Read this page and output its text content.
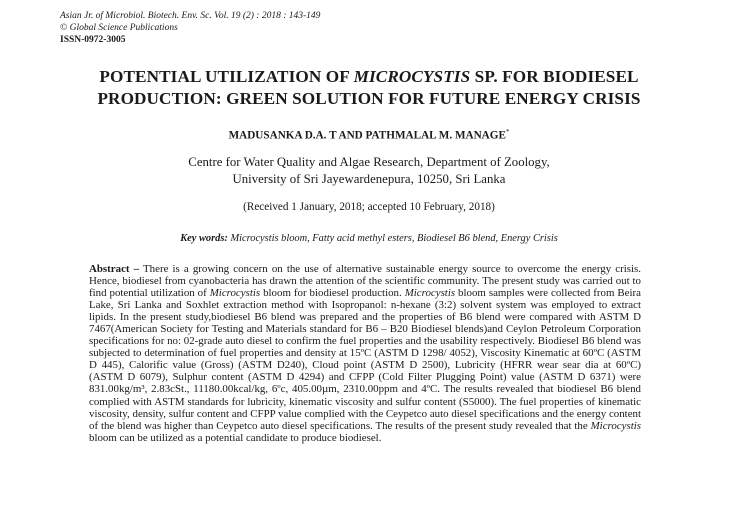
Asian Jr. of Microbiol. Biotech. Env. Sc. Vol. 19 (2) : 2018 : 143-149
© Global Science Publications
ISSN-0972-3005
POTENTIAL UTILIZATION OF MICROCYSTIS SP. FOR BIODIESEL
PRODUCTION: GREEN SOLUTION FOR FUTURE ENERGY CRISIS
MADUSANKA D.A. T AND PATHMALAL M. MANAGE*
Centre for Water Quality and Algae Research, Department of Zoology,
University of Sri Jayewardenepura, 10250, Sri Lanka
(Received 1 January, 2018; accepted 10 February, 2018)
Key words: Microcystis bloom, Fatty acid methyl esters, Biodiesel B6 blend, Energy Crisis
Abstract – There is a growing concern on the use of alternative sustainable energy source to overcome the energy crisis. Hence, biodiesel from cyanobacteria has drawn the attention of the scientific community. The present study was carried out to find potential utilization of Microcystis bloom for biodiesel production. Microcystis bloom samples were collected from Beira Lake, Sri Lanka and Soxhlet extraction method with Isopropanol: n-hexane (3:2) solvent system was employed to extract lipids. In the present study,biodiesel B6 blend was prepared and the properties of B6 blend were compared with ASTM D 7467(American Society for Testing and Materials standard for B6 – B20 Biodiesel blends)and Ceylon Petroleum Corporation specifications for no: 02-grade auto diesel to confirm the fuel properties and the usability respectively. Biodiesel B6 blend was subjected to determination of fuel properties and density at 15ºC (ASTM D 1298/ 4052), Viscosity Kinematic at 60ºC (ASTM D 445), Calorific value (Gross) (ASTM D240), Cloud point (ASTM D 2500), Lubricity (HFRR wear sear dia at 60ºC) (ASTM D 6079), Sulphur content (ASTM D 4294) and CFPP (Cold Filter Plugging Point) value (ASTM D 6371) were 831.00kg/m³, 2.83cSt., 11180.00kcal/kg, 6ºc, 405.00µm, 2310.00ppm and 4ºC. The results revealed that biodiesel B6 blend complied with ASTM standards for lubricity, kinematic viscosity and sulfur content (S5000). The fuel properties of kinematic viscosity, density, sulfur content and CFPP value complied with the Ceypetco auto diesel specifications and the energy content of the blend was higher than Ceypetco auto diesel specifications. The results of the present study revealed that the Microcystis bloom can be utilized as a potential candidate to produce biodiesel.
